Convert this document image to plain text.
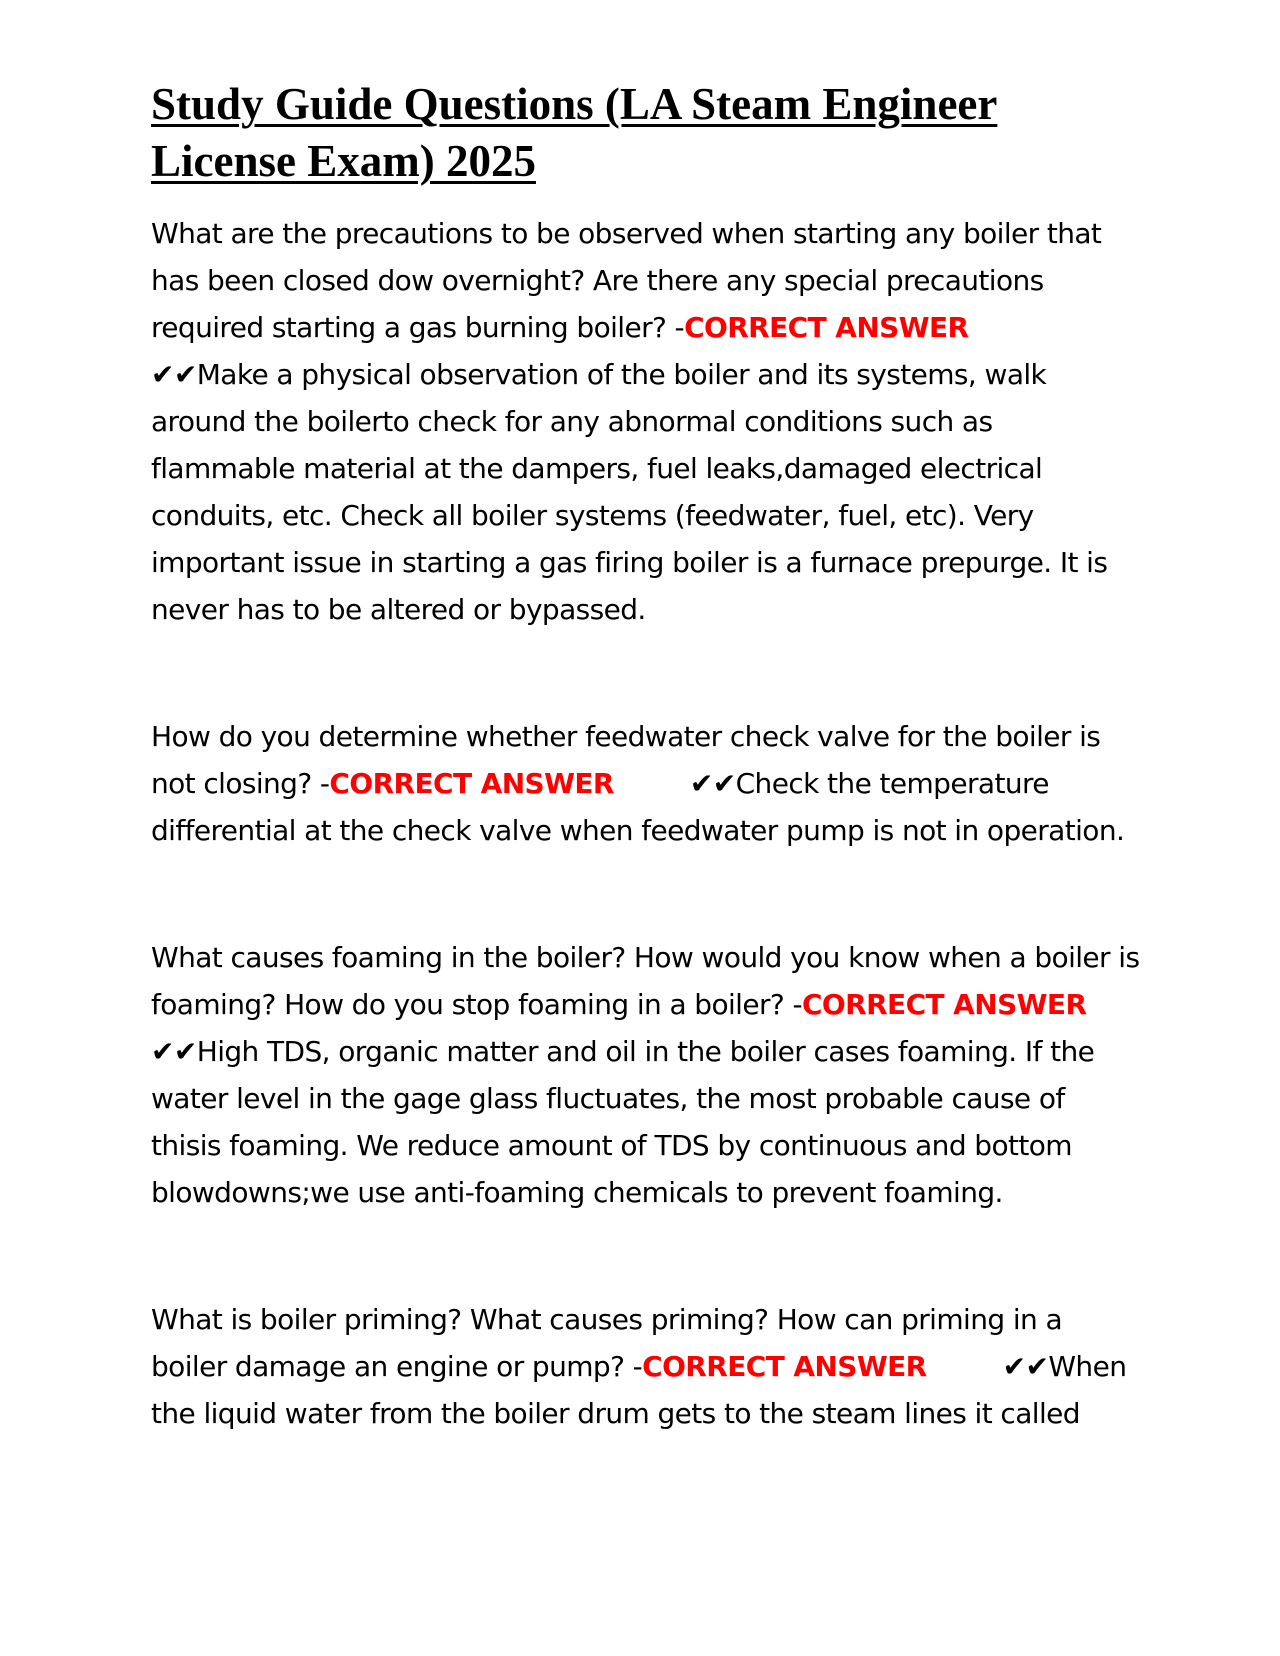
Study Guide Questions (LA Steam Engineer License Exam) 2025

What are the precautions to be observed when starting any boiler that has been closed dow overnight? Are there any special precautions required starting a gas burning boiler? -CORRECT ANSWER
✔✔Make a physical observation of the boiler and its systems, walk around the boilerto check for any abnormal conditions such as flammable material at the dampers, fuel leaks,damaged electrical conduits, etc. Check all boiler systems (feedwater, fuel, etc). Very important issue in starting a gas firing boiler is a furnace prepurge. It is never has to be altered or bypassed.

How do you determine whether feedwater check valve for the boiler is not closing? -CORRECT ANSWER	✔✔Check the temperature differential at the check valve when feedwater pump is not in operation.

What causes foaming in the boiler? How would you know when a boiler is foaming? How do you stop foaming in a boiler? -CORRECT ANSWER
✔✔High TDS, organic matter and oil in the boiler cases foaming. If the water level in the gage glass fluctuates, the most probable cause of thisis foaming. We reduce amount of TDS by continuous and bottom blowdowns;we use anti-foaming chemicals to prevent foaming.

What is boiler priming? What causes priming? How can priming in a boiler damage an engine or pump? -CORRECT ANSWER	✔✔When the liquid water from the boiler drum gets to the steam lines it called
